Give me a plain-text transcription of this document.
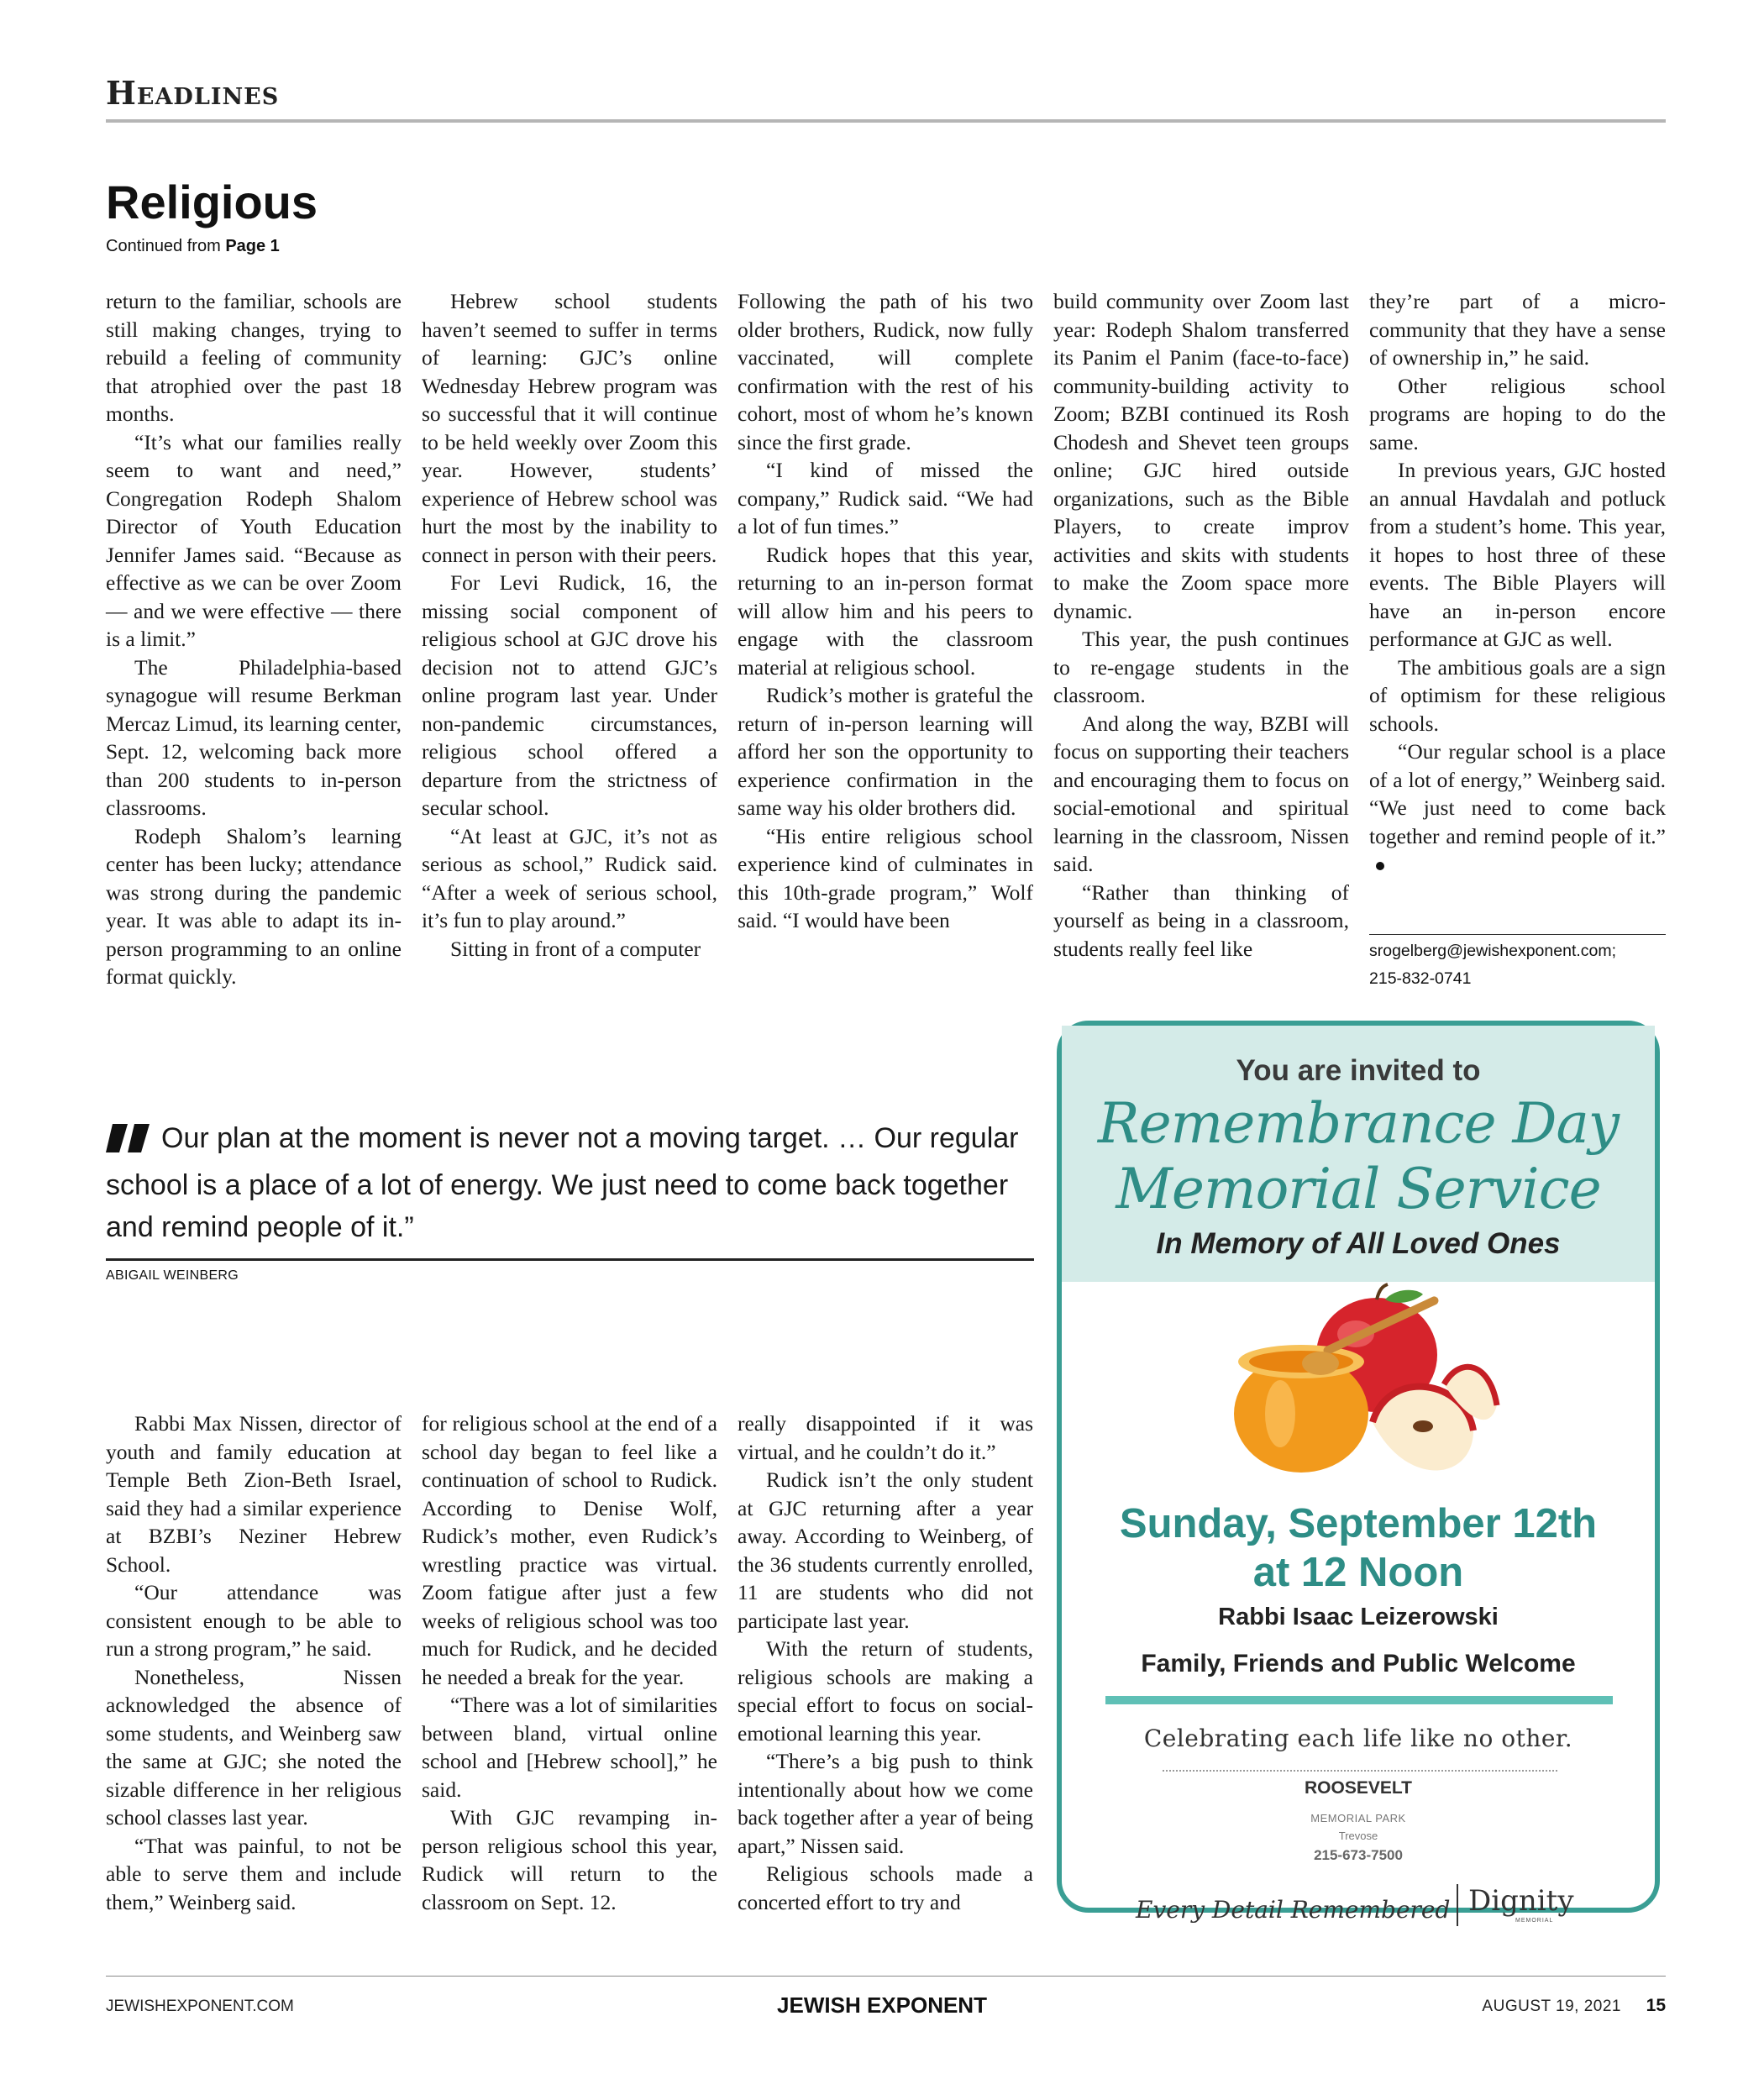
Headlines
Religious
Continued from Page 1

return to the familiar, schools are still making changes, trying to rebuild a feeling of community that atrophied over the past 18 months.

“It’s what our families really seem to want and need,” Congregation Rodeph Shalom Director of Youth Education Jennifer James said. “Because as effective as we can be over Zoom — and we were effective — there is a limit.”

The Philadelphia-based synagogue will resume Berkman Mercaz Limud, its learning center, Sept. 12, welcoming back more than 200 students to in-person classrooms.

Rodeph Shalom’s learning center has been lucky; attendance was strong during the pandemic year. It was able to adapt its in-person programming to an online format quickly.

Hebrew school students haven’t seemed to suffer in terms of learning: GJC’s online Wednesday Hebrew program was so successful that it will continue to be held weekly over Zoom this year. However, students’ experience of Hebrew school was hurt the most by the inability to connect in person with their peers.

For Levi Rudick, 16, the missing social component of religious school at GJC drove his decision not to attend GJC’s online program last year. Under non-pandemic circumstances, religious school offered a departure from the strictness of secular school.

“At least at GJC, it’s not as serious as school,” Rudick said. “After a week of serious school, it’s fun to play around.”

Sitting in front of a computer

Following the path of his two older brothers, Rudick, now fully vaccinated, will complete confirmation with the rest of his cohort, most of whom he’s known since the first grade.

“I kind of missed the company,” Rudick said. “We had a lot of fun times.”

Rudick hopes that this year, returning to an in-person format will allow him and his peers to engage with the classroom material at religious school.

Rudick’s mother is grateful the return of in-person learning will afford her son the opportunity to experience confirmation in the same way his older brothers did.

“His entire religious school experience kind of culminates in this 10th-grade program,” Wolf said. “I would have been

build community over Zoom last year: Rodeph Shalom transferred its Panim el Panim (face-to-face) community-building activity to Zoom; BZBI continued its Rosh Chodesh and Shevet teen groups online; GJC hired outside organizations, such as the Bible Players, to create improv activities and skits with students to make the Zoom space more dynamic.

This year, the push continues to re-engage students in the classroom.

And along the way, BZBI will focus on supporting their teachers and encouraging them to focus on social-emotional and spiritual learning in the classroom, Nissen said.

“Rather than thinking of yourself as being in a classroom, students really feel like

they’re part of a micro-community that they have a sense of ownership in,” he said.

Other religious school programs are hoping to do the same.

In previous years, GJC hosted an annual Havdalah and potluck from a student’s home. This year, it hopes to host three of these events. The Bible Players will have an in-person encore performance at GJC as well.

The ambitious goals are a sign of optimism for these religious schools.

“Our regular school is a place of a lot of energy,” Weinberg said. “We just need to come back together and remind people of it.”

srogelberg@jewishexponent.com;
215-832-0741
Our plan at the moment is never not a moving target. … Our regular school is a place of a lot of energy. We just need to come back together and remind people of it.”
ABIGAIL WEINBERG

Rabbi Max Nissen, director of youth and family education at Temple Beth Zion-Beth Israel, said they had a similar experience at BZBI’s Neziner Hebrew School.

“Our attendance was consistent enough to be able to run a strong program,” he said.

Nonetheless, Nissen acknowledged the absence of some students, and Weinberg saw the same at GJC; she noted the sizable difference in her religious school classes last year.

“That was painful, to not be able to serve them and include them,” Weinberg said.

for religious school at the end of a school day began to feel like a continuation of school to Rudick. According to Denise Wolf, Rudick’s mother, even Rudick’s wrestling practice was virtual. Zoom fatigue after just a few weeks of religious school was too much for Rudick, and he decided he needed a break for the year.

“There was a lot of similarities between bland, virtual online school and [Hebrew school],” he said.

With GJC revamping in-person religious school this year, Rudick will return to the classroom on Sept. 12.

really disappointed if it was virtual, and he couldn’t do it.”

Rudick isn’t the only student at GJC returning after a year away. According to Weinberg, of the 36 students currently enrolled, 11 are students who did not participate last year.

With the return of students, religious schools are making a special effort to focus on social-emotional learning this year.

“There’s a big push to think intentionally about how we come back together after a year of being apart,” Nissen said.

Religious schools made a concerted effort to try and

You are invited to
Remembrance Day
Memorial Service
In Memory of All Loved Ones
Sunday, September 12th
at 12 Noon
Rabbi Isaac Leizerowski
Family, Friends and Public Welcome
Celebrating each life like no other.
ROOSEVELT
MEMORIAL PARK
Trevose
215-673-7500
Every Detail Remembered Dignity
MEMORIAL
JEWISHEXPONENT.COM	JEWISH EXPONENT	AUGUST 19, 2021 15
